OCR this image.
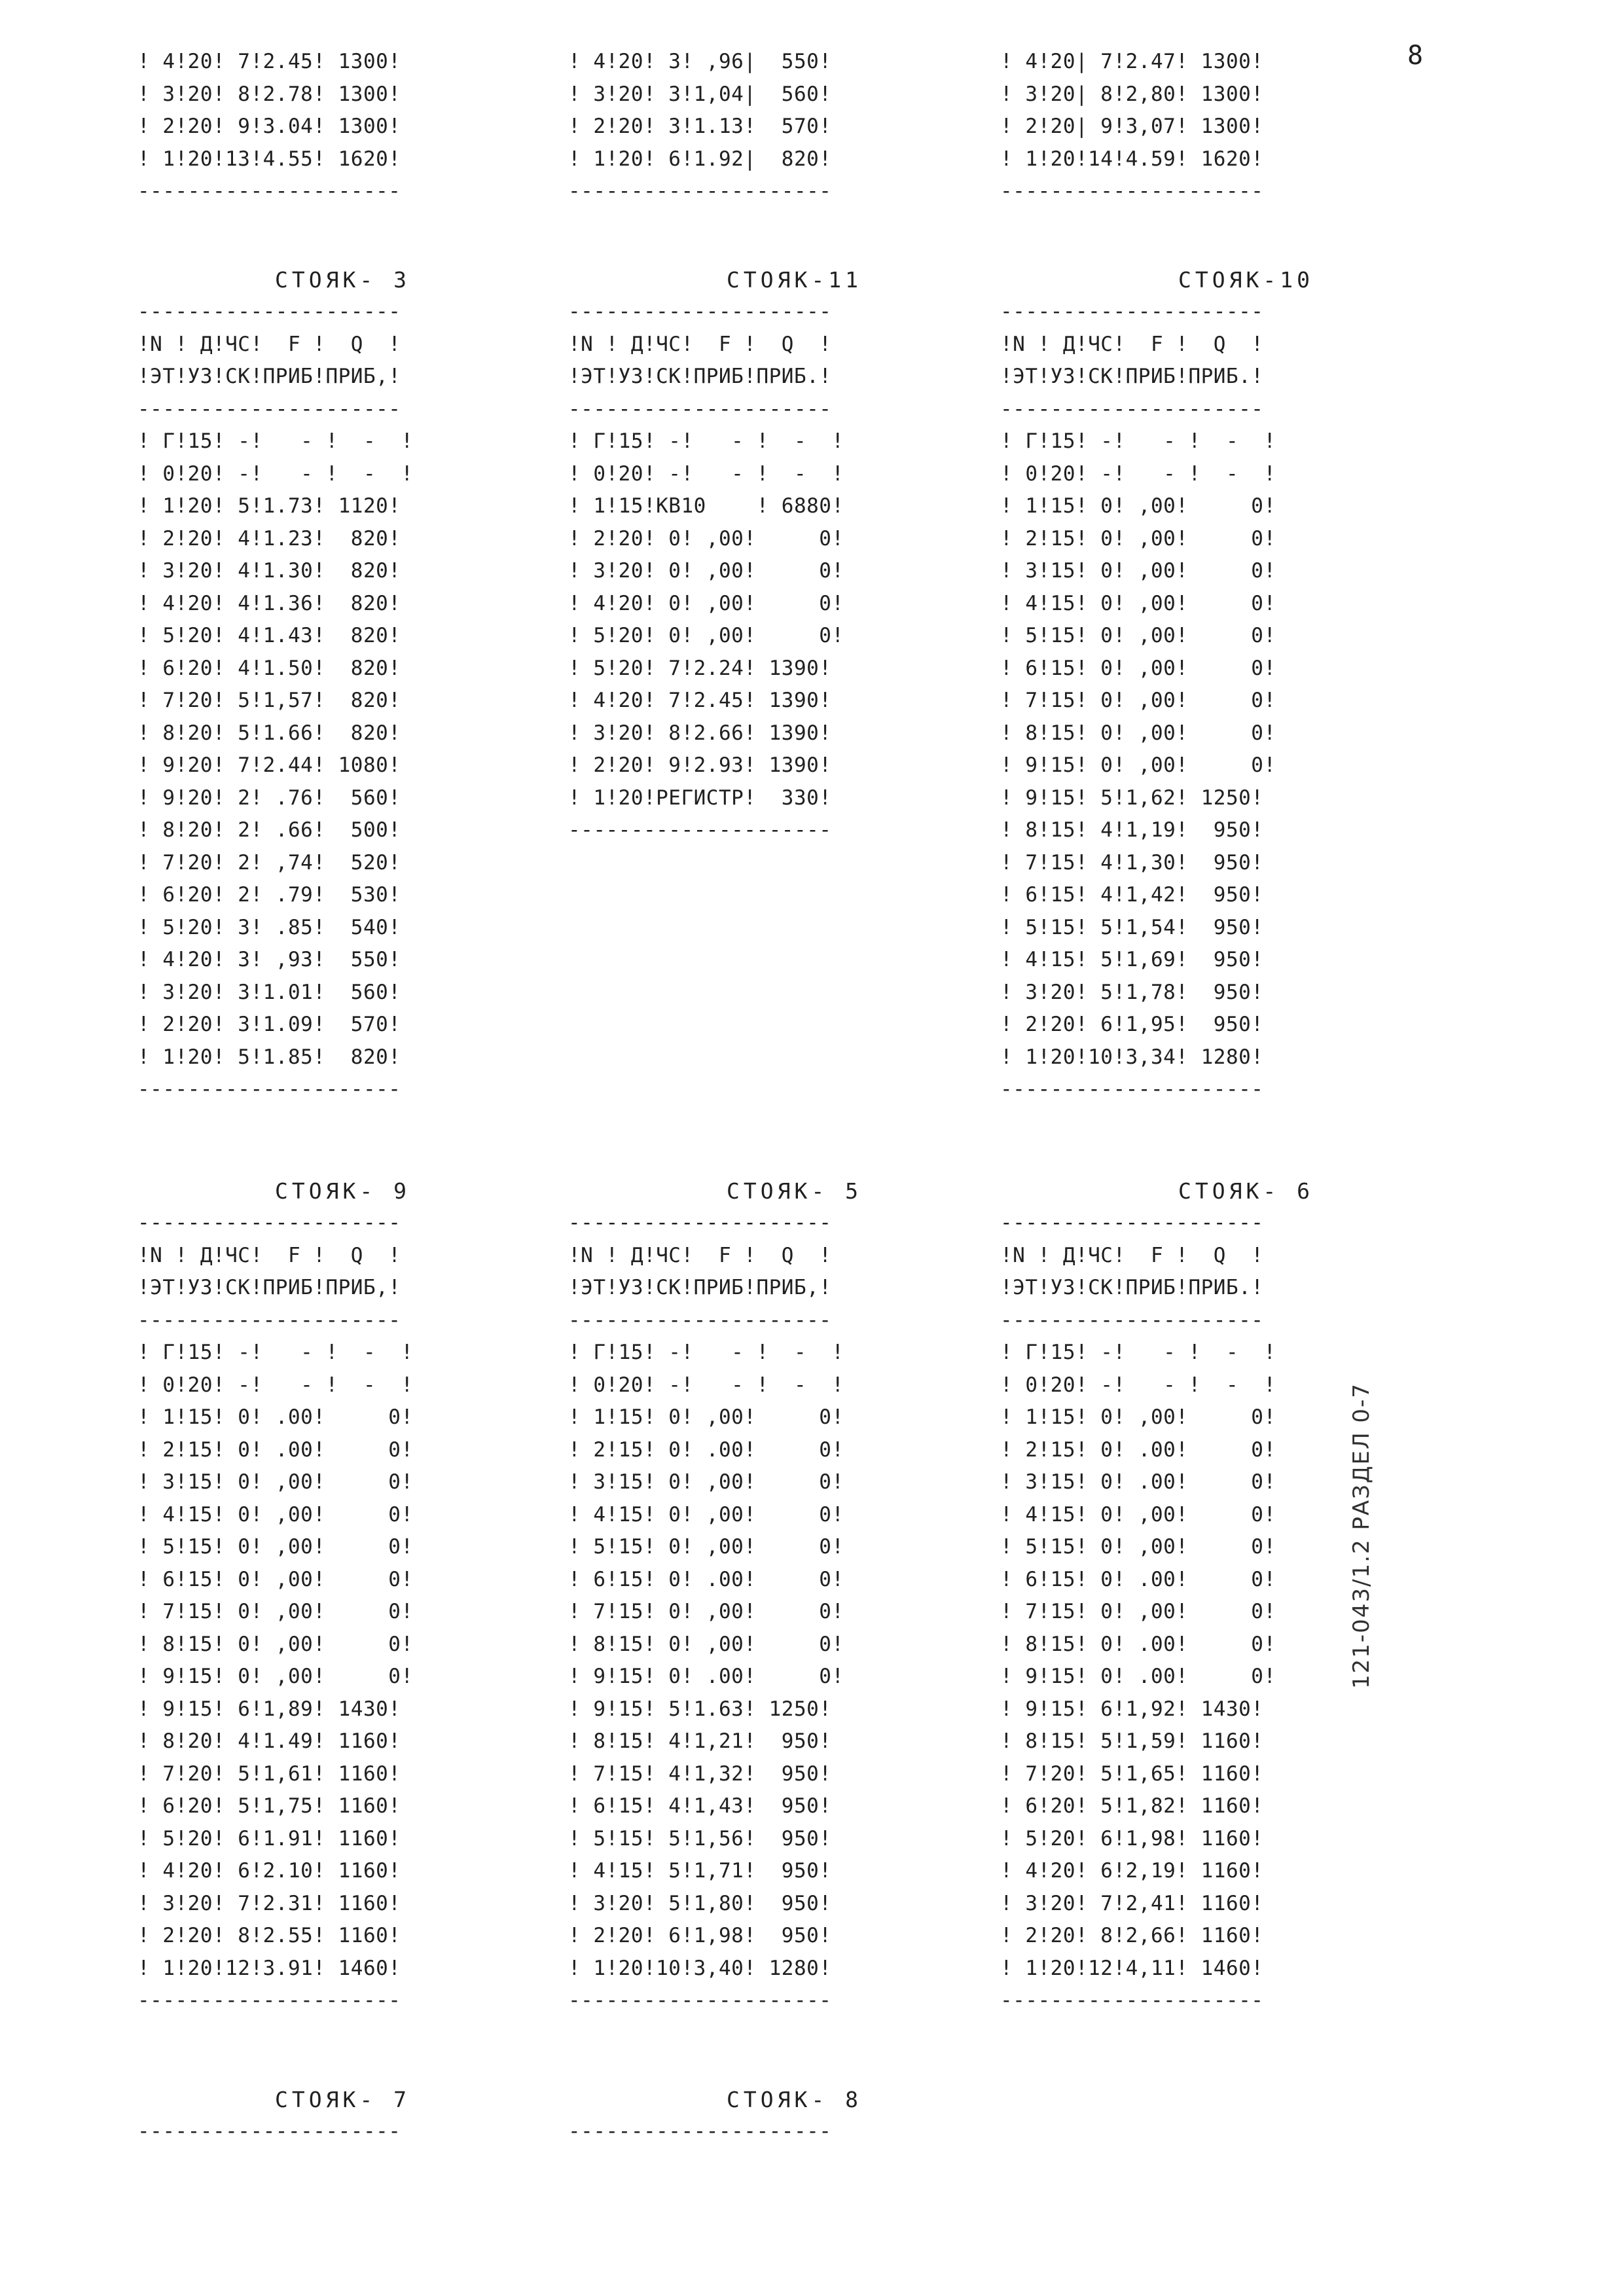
8
! 4!20! 7!2.45! 1300!
! 3!20! 8!2.78! 1300!
! 2!20! 9!3.04! 1300!
! 1!20!13!4.55! 1620!
---------------------
! 4!20! 3! ,96|  550!
! 3!20! 3!1,04|  560!
! 2!20! 3!1.13!  570!
! 1!20! 6!1.92|  820!
---------------------
! 4!20| 7!2.47! 1300!
! 3!20| 8!2,80! 1300!
! 2!20| 9!3,07! 1300!
! 1!20!14!4.59! 1620!
---------------------
СТОЯК- 3	СТОЯК-11	СТОЯК-10
---------------------
!N ! Д!ЧС!  F !  Q  !
!ЭТ!УЗ!СК!ПРИБ!ПРИБ,!
---------------------
! Г!15! -!   - !  -  !
! 0!20! -!   - !  -  !
! 1!20! 5!1.73! 1120!
! 2!20! 4!1.23!  820!
! 3!20! 4!1.30!  820!
! 4!20! 4!1.36!  820!
! 5!20! 4!1.43!  820!
! 6!20! 4!1.50!  820!
! 7!20! 5!1,57!  820!
! 8!20! 5!1.66!  820!
! 9!20! 7!2.44! 1080!
! 9!20! 2! .76!  560!
! 8!20! 2! .66!  500!
! 7!20! 2! ,74!  520!
! 6!20! 2! .79!  530!
! 5!20! 3! .85!  540!
! 4!20! 3! ,93!  550!
! 3!20! 3!1.01!  560!
! 2!20! 3!1.09!  570!
! 1!20! 5!1.85!  820!
---------------------
---------------------
!N ! Д!ЧС!  F !  Q  !
!ЭТ!УЗ!СК!ПРИБ!ПРИБ.!
---------------------
! Г!15! -!   - !  -  !
! 0!20! -!   - !  -  !
! 1!15!КВ10    ! 6880!
! 2!20! 0! ,00!     0!
! 3!20! 0! ,00!     0!
! 4!20! 0! ,00!     0!
! 5!20! 0! ,00!     0!
! 5!20! 7!2.24! 1390!
! 4!20! 7!2.45! 1390!
! 3!20! 8!2.66! 1390!
! 2!20! 9!2.93! 1390!
! 1!20!РЕГИСТР!  330!
---------------------
---------------------
!N ! Д!ЧС!  F !  Q  !
!ЭТ!УЗ!СК!ПРИБ!ПРИБ.!
---------------------
! Г!15! -!   - !  -  !
! 0!20! -!   - !  -  !
! 1!15! 0! ,00!     0!
! 2!15! 0! ,00!     0!
! 3!15! 0! ,00!     0!
! 4!15! 0! ,00!     0!
! 5!15! 0! ,00!     0!
! 6!15! 0! ,00!     0!
! 7!15! 0! ,00!     0!
! 8!15! 0! ,00!     0!
! 9!15! 0! ,00!     0!
! 9!15! 5!1,62! 1250!
! 8!15! 4!1,19!  950!
! 7!15! 4!1,30!  950!
! 6!15! 4!1,42!  950!
! 5!15! 5!1,54!  950!
! 4!15! 5!1,69!  950!
! 3!20! 5!1,78!  950!
! 2!20! 6!1,95!  950!
! 1!20!10!3,34! 1280!
---------------------
СТОЯК- 9	СТОЯК- 5	СТОЯК- 6
---------------------
!N ! Д!ЧС!  F !  Q  !
!ЭТ!УЗ!СК!ПРИБ!ПРИБ,!
---------------------
! Г!15! -!   - !  -  !
! 0!20! -!   - !  -  !
! 1!15! 0! .00!     0!
! 2!15! 0! .00!     0!
! 3!15! 0! ,00!     0!
! 4!15! 0! ,00!     0!
! 5!15! 0! ,00!     0!
! 6!15! 0! ,00!     0!
! 7!15! 0! ,00!     0!
! 8!15! 0! ,00!     0!
! 9!15! 0! ,00!     0!
! 9!15! 6!1,89! 1430!
! 8!20! 4!1.49! 1160!
! 7!20! 5!1,61! 1160!
! 6!20! 5!1,75! 1160!
! 5!20! 6!1.91! 1160!
! 4!20! 6!2.10! 1160!
! 3!20! 7!2.31! 1160!
! 2!20! 8!2.55! 1160!
! 1!20!12!3.91! 1460!
---------------------
---------------------
!N ! Д!ЧС!  F !  Q  !
!ЭТ!УЗ!СК!ПРИБ!ПРИБ,!
---------------------
! Г!15! -!   - !  -  !
! 0!20! -!   - !  -  !
! 1!15! 0! ,00!     0!
! 2!15! 0! .00!     0!
! 3!15! 0! ,00!     0!
! 4!15! 0! ,00!     0!
! 5!15! 0! ,00!     0!
! 6!15! 0! .00!     0!
! 7!15! 0! ,00!     0!
! 8!15! 0! ,00!     0!
! 9!15! 0! .00!     0!
! 9!15! 5!1.63! 1250!
! 8!15! 4!1,21!  950!
! 7!15! 4!1,32!  950!
! 6!15! 4!1,43!  950!
! 5!15! 5!1,56!  950!
! 4!15! 5!1,71!  950!
! 3!20! 5!1,80!  950!
! 2!20! 6!1,98!  950!
! 1!20!10!3,40! 1280!
---------------------
---------------------
!N ! Д!ЧС!  F !  Q  !
!ЭТ!УЗ!СК!ПРИБ!ПРИБ.!
---------------------
! Г!15! -!   - !  -  !
! 0!20! -!   - !  -  !
! 1!15! 0! ,00!     0!
! 2!15! 0! .00!     0!
! 3!15! 0! .00!     0!
! 4!15! 0! ,00!     0!
! 5!15! 0! ,00!     0!
! 6!15! 0! .00!     0!
! 7!15! 0! ,00!     0!
! 8!15! 0! .00!     0!
! 9!15! 0! .00!     0!
! 9!15! 6!1,92! 1430!
! 8!15! 5!1,59! 1160!
! 7!20! 5!1,65! 1160!
! 6!20! 5!1,82! 1160!
! 5!20! 6!1,98! 1160!
! 4!20! 6!2,19! 1160!
! 3!20! 7!2,41! 1160!
! 2!20! 8!2,66! 1160!
! 1!20!12!4,11! 1460!
---------------------
СТОЯК- 7	СТОЯК- 8
---------------------	---------------------
121-043/1.2 РАЗДЕЛ 0-7
